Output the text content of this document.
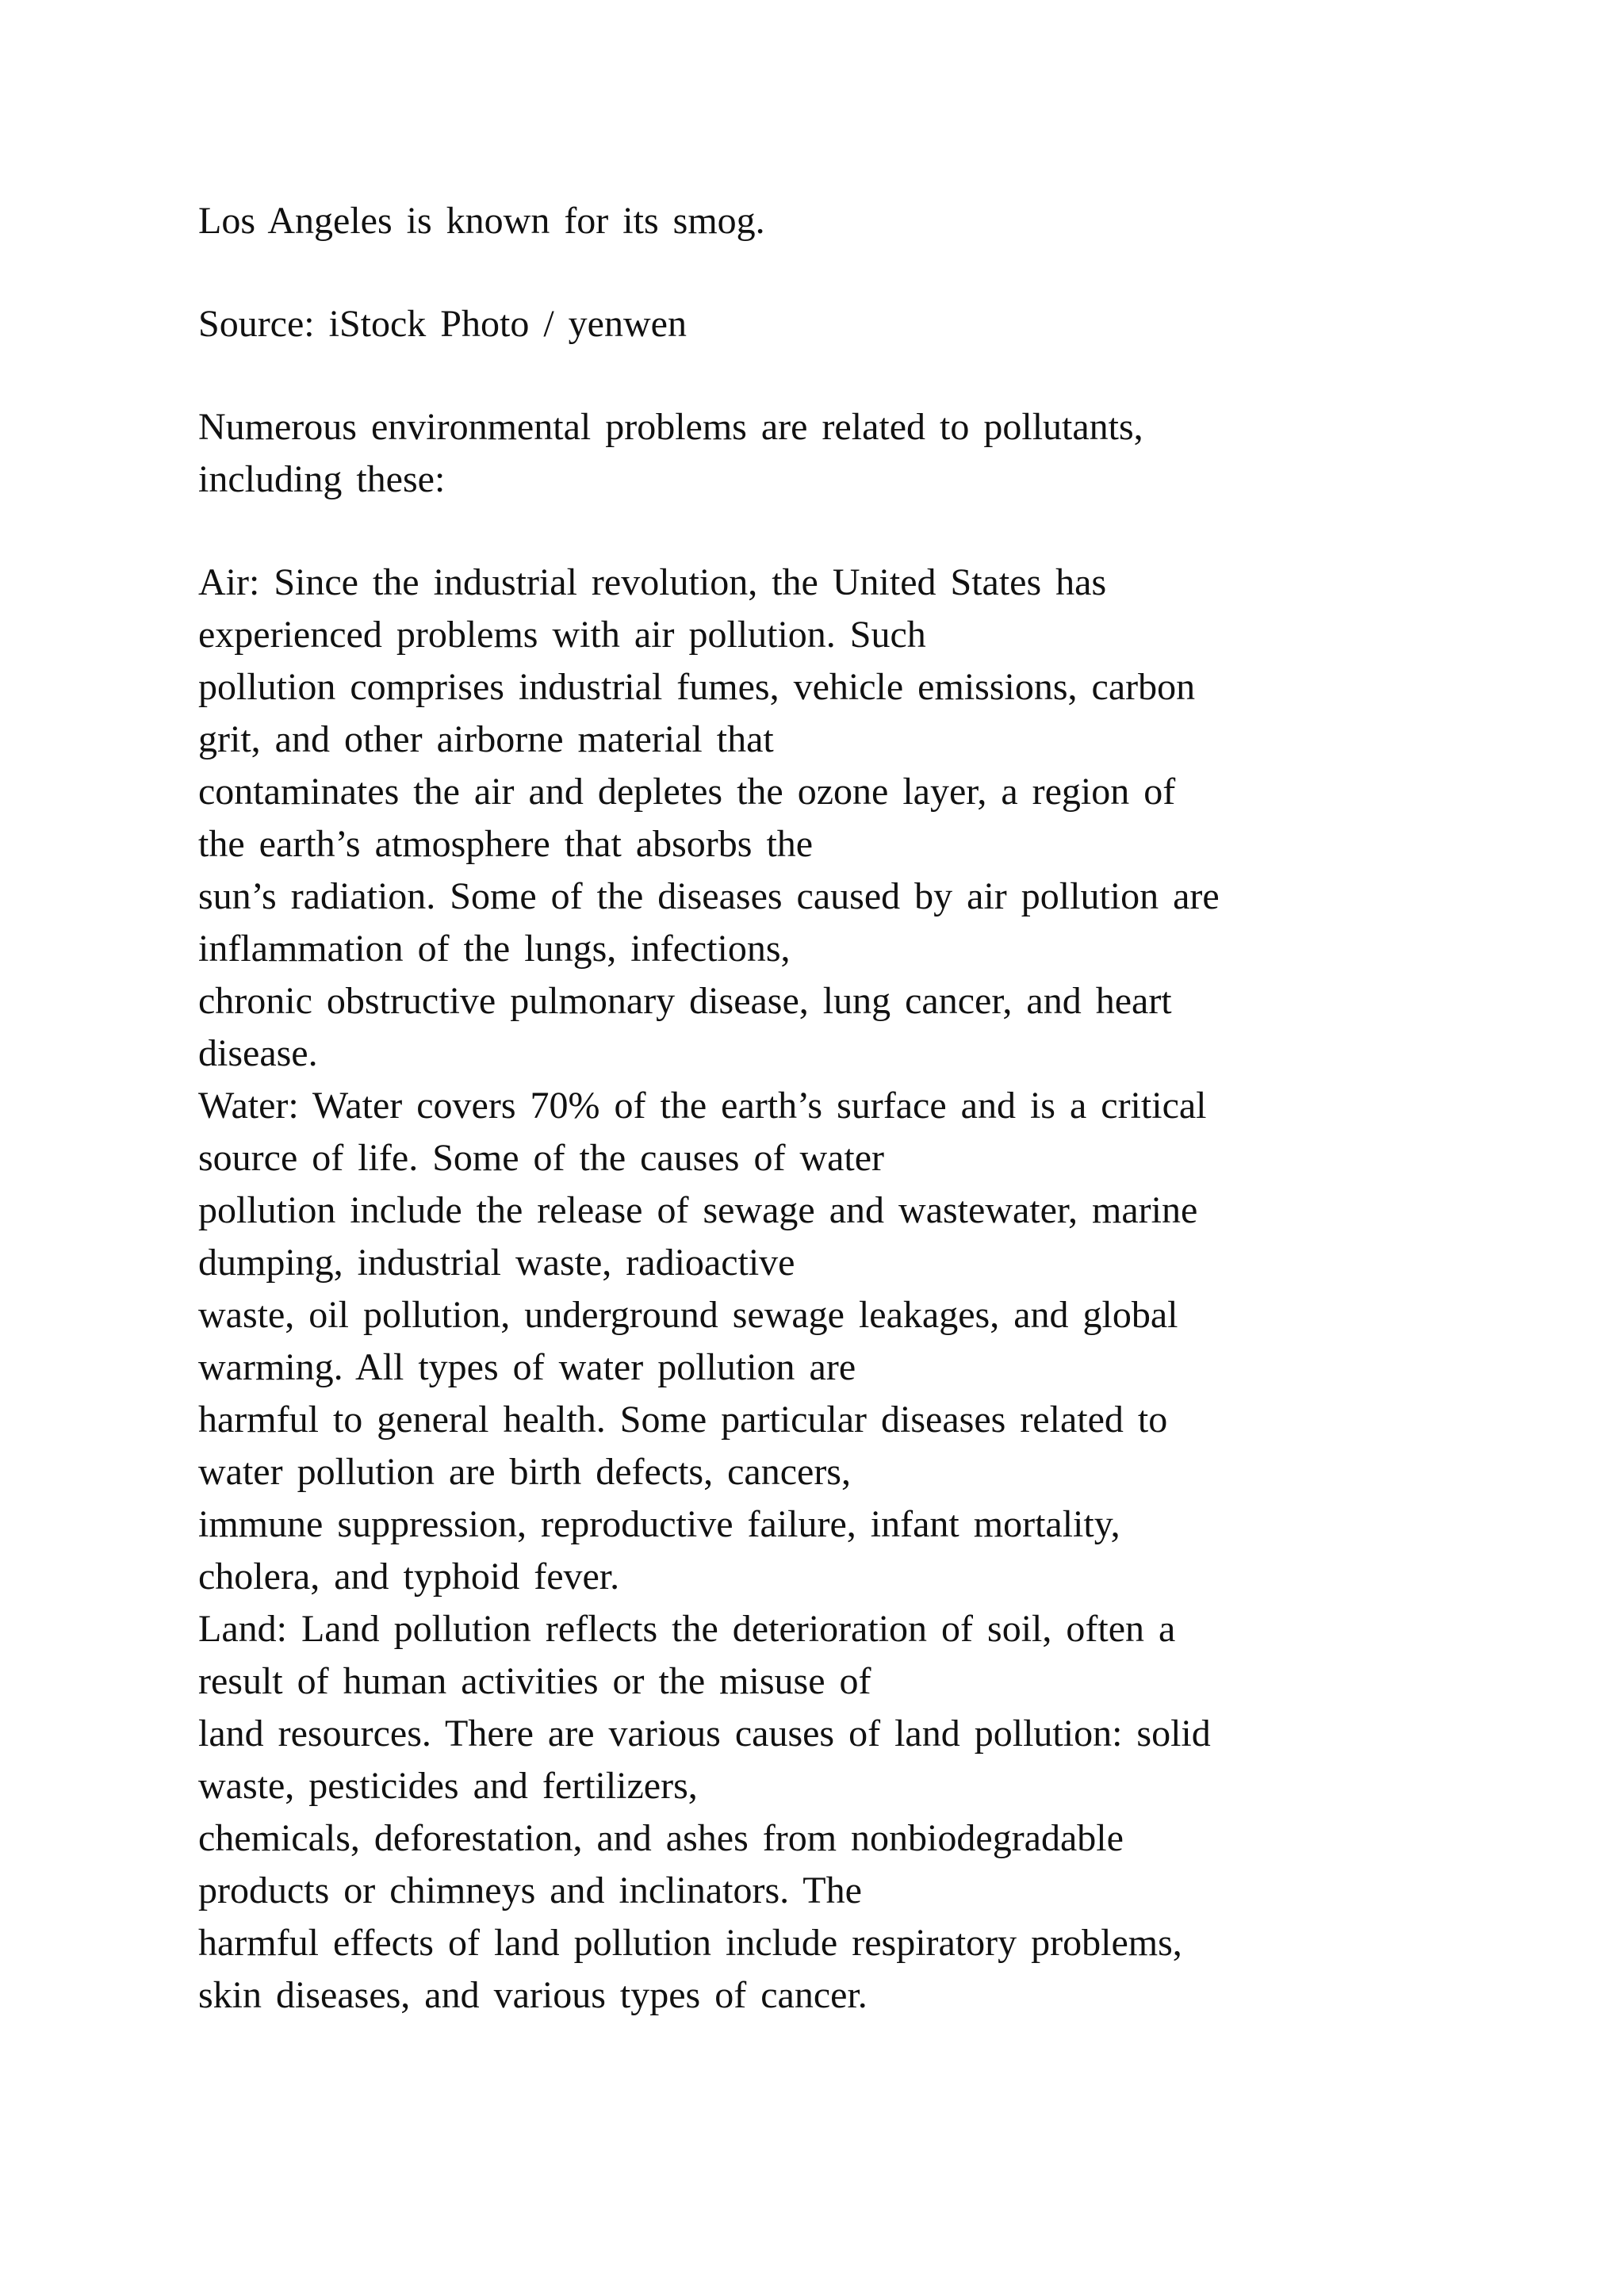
Los Angeles is known for its smog.
Source: iStock Photo / yenwen
Numerous environmental problems are related to pollutants,
including these:
Air: Since the industrial revolution, the United States has
experienced problems with air pollution. Such
pollution comprises industrial fumes, vehicle emissions, carbon
grit, and other airborne material that
contaminates the air and depletes the ozone layer, a region of
the earth’s atmosphere that absorbs the
sun’s radiation. Some of the diseases caused by air pollution are
inflammation of the lungs, infections,
chronic obstructive pulmonary disease, lung cancer, and heart
disease.
Water: Water covers 70% of the earth’s surface and is a critical
source of life. Some of the causes of water
pollution include the release of sewage and wastewater, marine
dumping, industrial waste, radioactive
waste, oil pollution, underground sewage leakages, and global
warming. All types of water pollution are
harmful to general health. Some particular diseases related to
water pollution are birth defects, cancers,
immune suppression, reproductive failure, infant mortality,
cholera, and typhoid fever.
Land: Land pollution reflects the deterioration of soil, often a
result of human activities or the misuse of
land resources. There are various causes of land pollution: solid
waste, pesticides and fertilizers,
chemicals, deforestation, and ashes from nonbiodegradable
products or chimneys and inclinators. The
harmful effects of land pollution include respiratory problems,
skin diseases, and various types of cancer.
